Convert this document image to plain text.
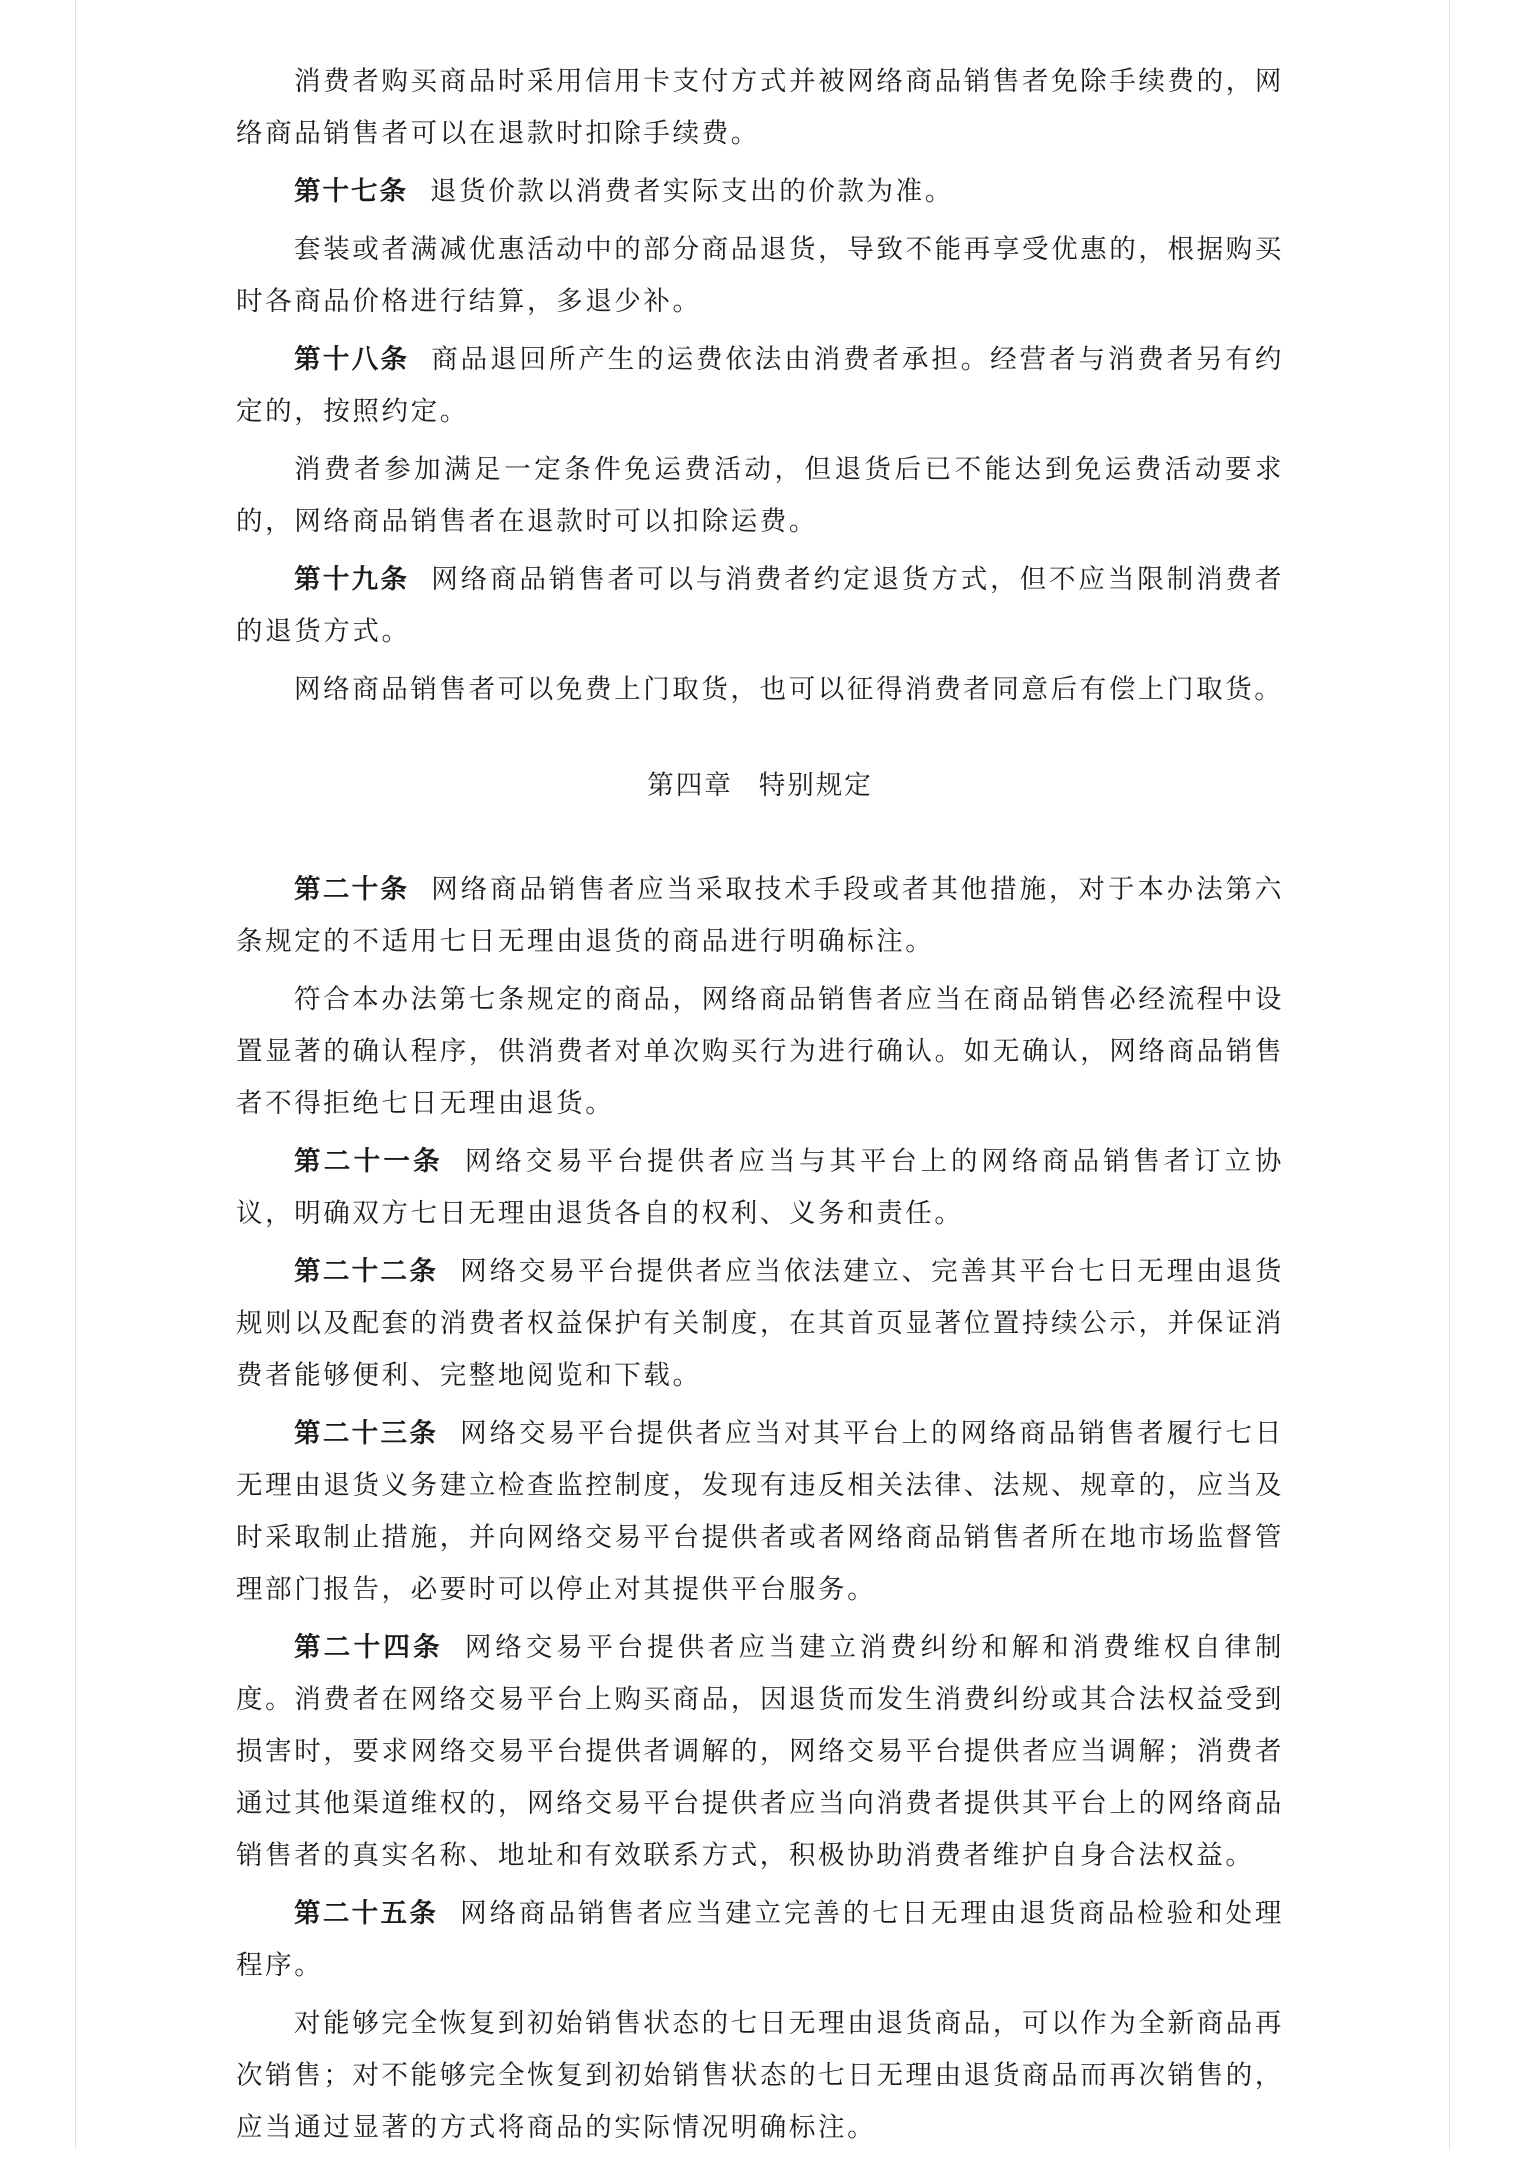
消费者购买商品时采用信用卡支付方式并被网络商品销售者免除手续费的，网络商品销售者可以在退款时扣除手续费。

第十七条 退货价款以消费者实际支出的价款为准。

套装或者满减优惠活动中的部分商品退货，导致不能再享受优惠的，根据购买时各商品价格进行结算，多退少补。

第十八条 商品退回所产生的运费依法由消费者承担。经营者与消费者另有约定的，按照约定。

消费者参加满足一定条件免运费活动，但退货后已不能达到免运费活动要求的，网络商品销售者在退款时可以扣除运费。

第十九条 网络商品销售者可以与消费者约定退货方式，但不应当限制消费者的退货方式。

网络商品销售者可以免费上门取货，也可以征得消费者同意后有偿上门取货。

第四章 特别规定

第二十条 网络商品销售者应当采取技术手段或者其他措施，对于本办法第六条规定的不适用七日无理由退货的商品进行明确标注。

符合本办法第七条规定的商品，网络商品销售者应当在商品销售必经流程中设置显著的确认程序，供消费者对单次购买行为进行确认。如无确认，网络商品销售者不得拒绝七日无理由退货。

第二十一条 网络交易平台提供者应当与其平台上的网络商品销售者订立协议，明确双方七日无理由退货各自的权利、义务和责任。

第二十二条 网络交易平台提供者应当依法建立、完善其平台七日无理由退货规则以及配套的消费者权益保护有关制度，在其首页显著位置持续公示，并保证消费者能够便利、完整地阅览和下载。

第二十三条 网络交易平台提供者应当对其平台上的网络商品销售者履行七日无理由退货义务建立检查监控制度，发现有违反相关法律、法规、规章的，应当及时采取制止措施，并向网络交易平台提供者或者网络商品销售者所在地市场监督管理部门报告，必要时可以停止对其提供平台服务。

第二十四条 网络交易平台提供者应当建立消费纠纷和解和消费维权自律制度。消费者在网络交易平台上购买商品，因退货而发生消费纠纷或其合法权益受到损害时，要求网络交易平台提供者调解的，网络交易平台提供者应当调解；消费者通过其他渠道维权的，网络交易平台提供者应当向消费者提供其平台上的网络商品销售者的真实名称、地址和有效联系方式，积极协助消费者维护自身合法权益。

第二十五条 网络商品销售者应当建立完善的七日无理由退货商品检验和处理程序。

对能够完全恢复到初始销售状态的七日无理由退货商品，可以作为全新商品再次销售；对不能够完全恢复到初始销售状态的七日无理由退货商品而再次销售的，应当通过显著的方式将商品的实际情况明确标注。
